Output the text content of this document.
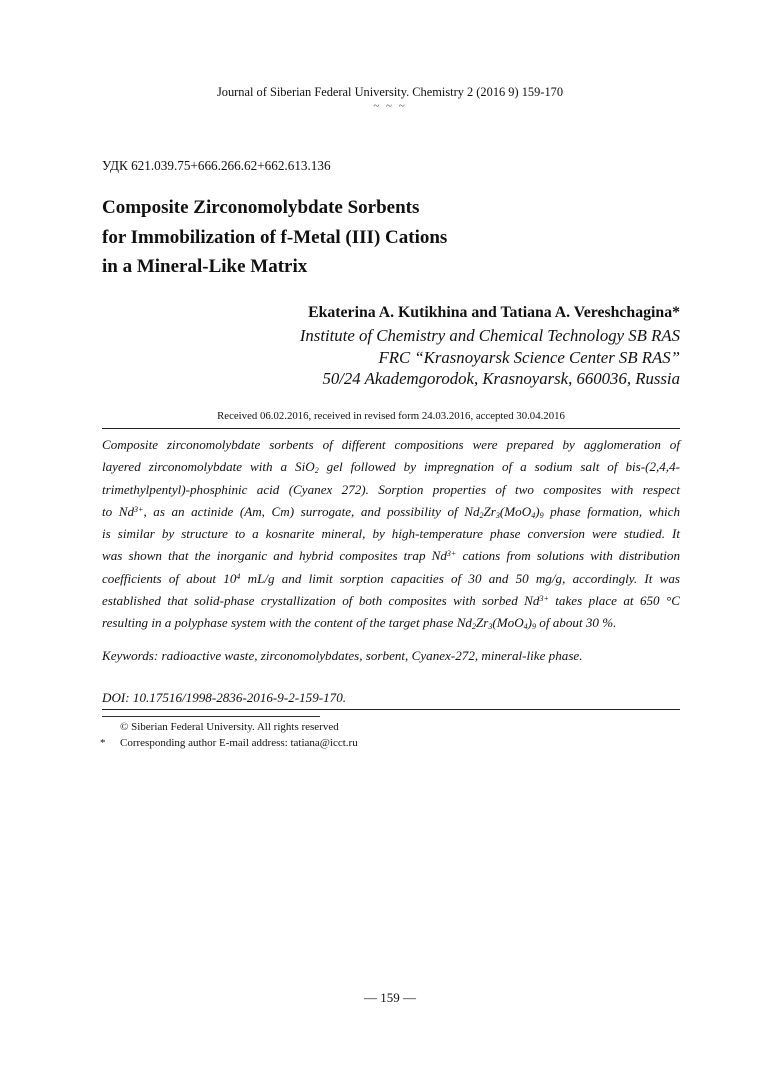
Journal of Siberian Federal University. Chemistry 2 (2016 9) 159-170
~ ~ ~
УДК 621.039.75+666.266.62+662.613.136
Composite Zirconomolybdate Sorbents
for Immobilization of f-Metal (III) Cations
in a Mineral-Like Matrix
Ekaterina A. Kutikhina and Tatiana A. Vereshchagina*
Institute of Chemistry and Chemical Technology SB RAS
FRC “Krasnoyarsk Science Center SB RAS”
50/24 Akademgorodok, Krasnoyarsk, 660036, Russia
Received 06.02.2016, received in revised form 24.03.2016, accepted 30.04.2016
Composite zirconomolybdate sorbents of different compositions were prepared by agglomeration of
layered zirconomolybdate with a SiO$_2$ gel followed by impregnation of a sodium salt of bis-(2,4,4-
trimethylpentyl)-phosphinic acid (Cyanex 272). Sorption properties of two composites with respect
to $Nd^{3+}$, as an actinide (Am, Cm) surrogate, and possibility of $Nd_2Zr_3(MoO_4)_9$ phase formation, which
is similar by structure to a kosnarite mineral, by high-temperature phase conversion were studied. It
was shown that the inorganic and hybrid composites trap $Nd^{3+}$ cations from solutions with distribution
coefficients of about $10^4$ mL/g and limit sorption capacities of 30 and 50 mg/g, accordingly. It was
established that solid-phase crystallization of both composites with sorbed $Nd^{3+}$ takes place at 650 °C
resulting in a polyphase system with the content of the target phase $Nd_2Zr_3(MoO_4)_9$ of about 30 %.
Keywords: radioactive waste, zirconomolybdates, sorbent, Cyanex-272, mineral-like phase.
DOI: 10.17516/1998-2836-2016-9-2-159-170.
© Siberian Federal University. All rights reserved
* Corresponding author E-mail address: tatiana@icct.ru
― 159 ―
